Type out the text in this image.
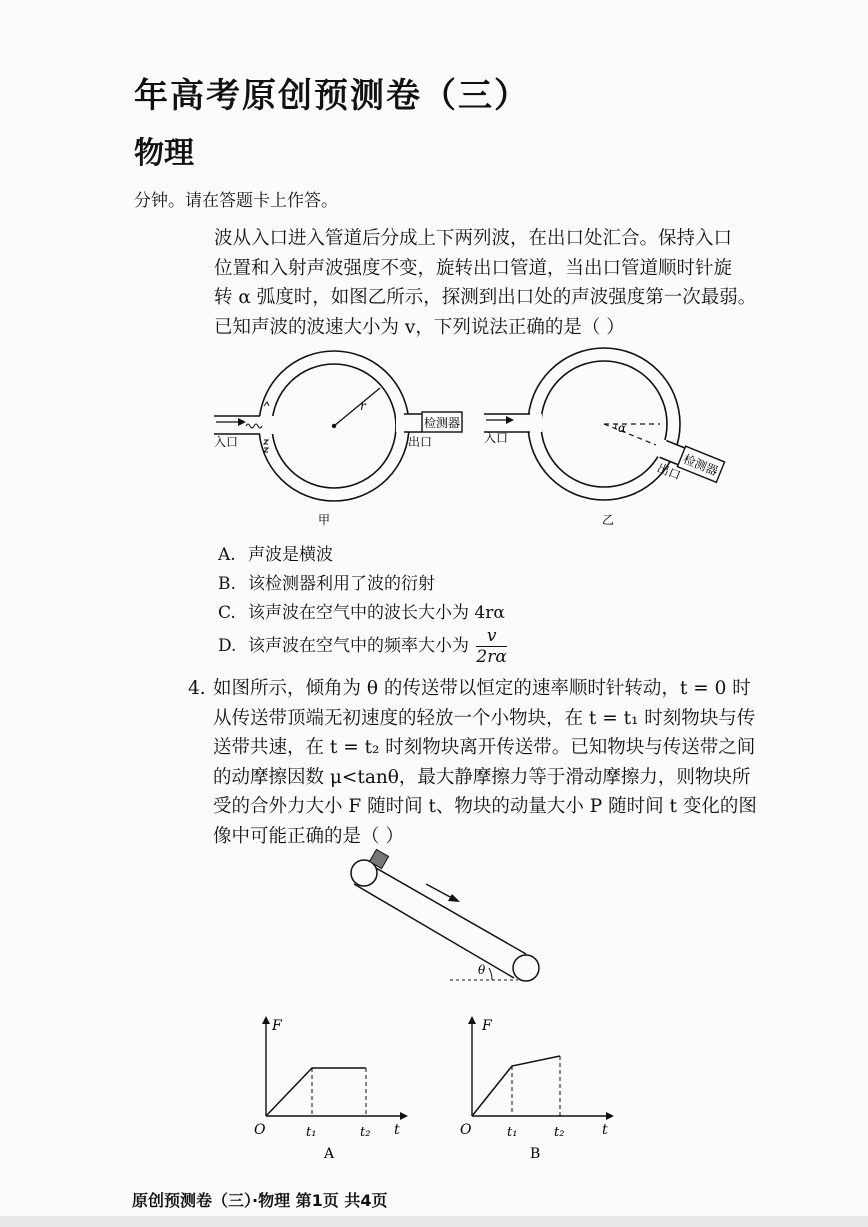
年高考原创预测卷（三）
物理
分钟。请在答题卡上作答。
波从入口进入管道后分成上下两列波，在出口处汇合。保持入口
位置和入射声波强度不变，旋转出口管道，当出口管道顺时针旋
转 α 弧度时，如图乙所示，探测到出口处的声波强度第一次最弱。
已知声波的波速大小为 v，下列说法正确的是（ ）
检测器
r
入口	出口
甲
入口
检测器
出口
α
乙
A. 声波是横波
B. 该检测器利用了波的衍射
C. 该声波在空气中的波长大小为 4rα
D. 该声波在空气中的频率大小为 $\frac{v}{2r\alpha}$
4. 如图所示，倾角为 θ 的传送带以恒定的速率顺时针转动，t = 0 时
从传送带顶端无初速度的轻放一个小物块，在 t = t₁ 时刻物块与传
送带共速，在 t = t₂ 时刻物块离开传送带。已知物块与传送带之间
的动摩擦因数 μ<tanθ，最大静摩擦力等于滑动摩擦力，则物块所
受的合外力大小 F 随时间 t、物块的动量大小 P 随时间 t 变化的图
像中可能正确的是（ ）
θ
F
O	t₁	t₂ t
A
F
O	t₁	t₂	t
B
原创预测卷（三）·物理 第1页 共4页
